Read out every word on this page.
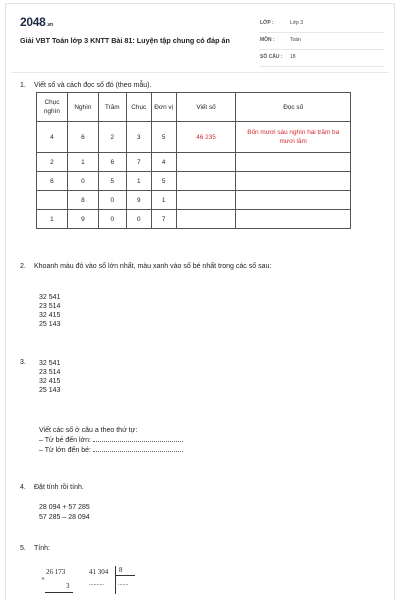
2048.vn
Giải VBT Toán lớp 3 KNTT Bài 81: Luyện tập chung có đáp án
LỚP :	Lớp 3
MÔN :	Toán
SỐ CÂU : 18
1. Viết số và cách đọc số đó (theo mẫu).
Chục nghìn	Nghìn	Trăm	Chục	Đơn vị	Viết số	Đọc số
4	6	2	3	5	46 235	Bốn mươi sáu nghìn hai trăm ba mươi lăm
2	1	6	7	4		
6	0	5	1	5		
	8	0	9	1		
1	9	0	0	7		
2. Khoanh màu đỏ vào số lớn nhất, màu xanh vào số bé nhất trong các số sau:
32 541
23 514
32 415
25 143
3.	32 541
23 514
32 415
25 143
Viết các số ở câu a theo thứ tự:
– Từ bé đến lớn:
– Từ lớn đến bé:
4. Đặt tính rồi tính.
28 094 + 57 285
57 285 – 28 094
5. Tính:
26 173
×
3
41 304 8
.......... .......
